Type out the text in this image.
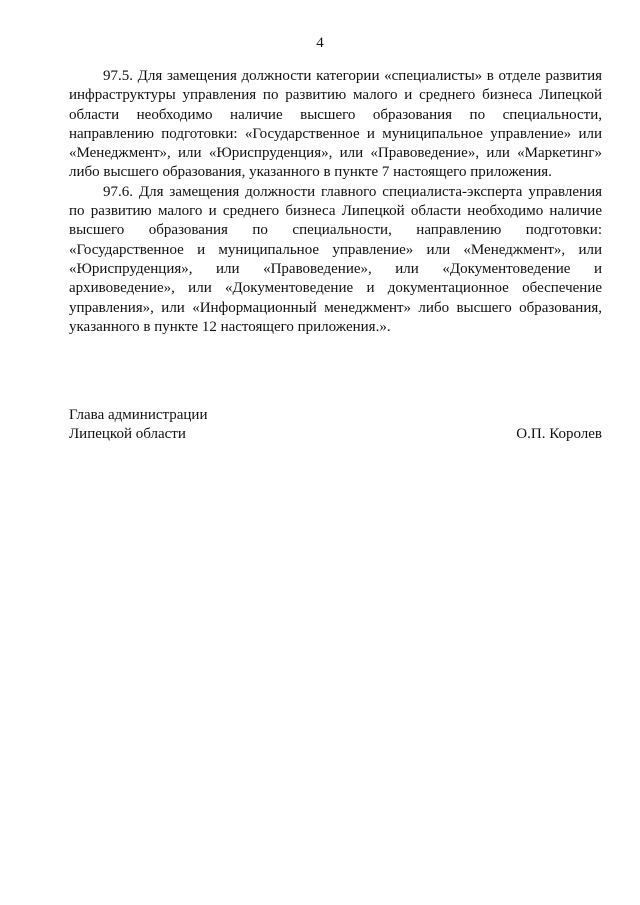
4

97.5. Для замещения должности категории «специалисты» в отделе развития инфраструктуры управления по развитию малого и среднего бизнеса Липецкой области необходимо наличие высшего образования по специальности, направлению подготовки: «Государственное и муниципальное управление» или «Менеджмент», или «Юриспруденция», или «Правоведение», или «Маркетинг» либо высшего образования, указанного в пункте 7 настоящего приложения.

97.6. Для замещения должности главного специалиста-эксперта управления по развитию малого и среднего бизнеса Липецкой области необходимо наличие высшего образования по специальности, направлению подготовки: «Государственное и муниципальное управление» или «Менеджмент», или «Юриспруденция», или «Правоведение», или «Документоведение и архивоведение», или «Документоведение и документационное обеспечение управления», или «Информационный менеджмент» либо высшего образования, указанного в пункте 12 настоящего приложения.».

Глава администрации
Липецкой области	О.П. Королев
